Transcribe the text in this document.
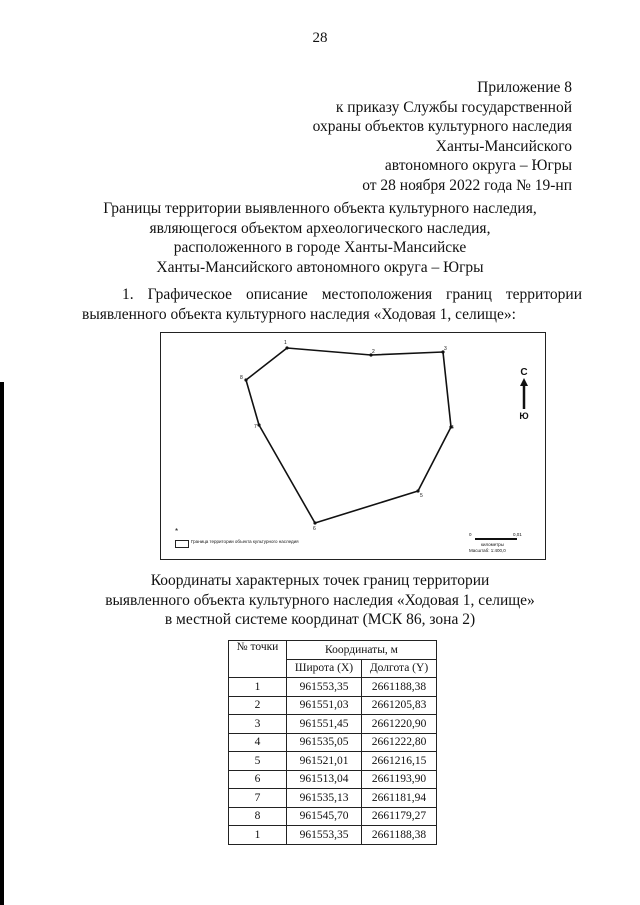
28
Приложение 8
к приказу Службы государственной
охраны объектов культурного наследия
Ханты-Мансийского
автономного округа – Югры
от 28 ноября 2022 года № 19-нп
Границы территории выявленного объекта культурного наследия,
являющегося объектом археологического наследия,
расположенного в городе Ханты-Мансийске
Ханты-Мансийского автономного округа – Югры
1. Графическое описание местоположения границ территории
выявленного объекта культурного наследия «Ходовая 1, селище»:
1
2	3
4
5
6
7
8	С
Ю
*
Граница территории объекта культурного наследия
0	0,01
километры
Масштаб: 1:400,0
Координаты характерных точек границ территории
выявленного объекта культурного наследия «Ходовая 1, селище»
в местной системе координат (МСК 86, зона 2)
№ точки	Координаты, м	
	Широта (X)	Долгота (Y)
1	961553,35	2661188,38
2	961551,03	2661205,83
3	961551,45	2661220,90
4	961535,05	2661222,80
5	961521,01	2661216,15
6	961513,04	2661193,90
7	961535,13	2661181,94
8	961545,70	2661179,27
1	961553,35	2661188,38
